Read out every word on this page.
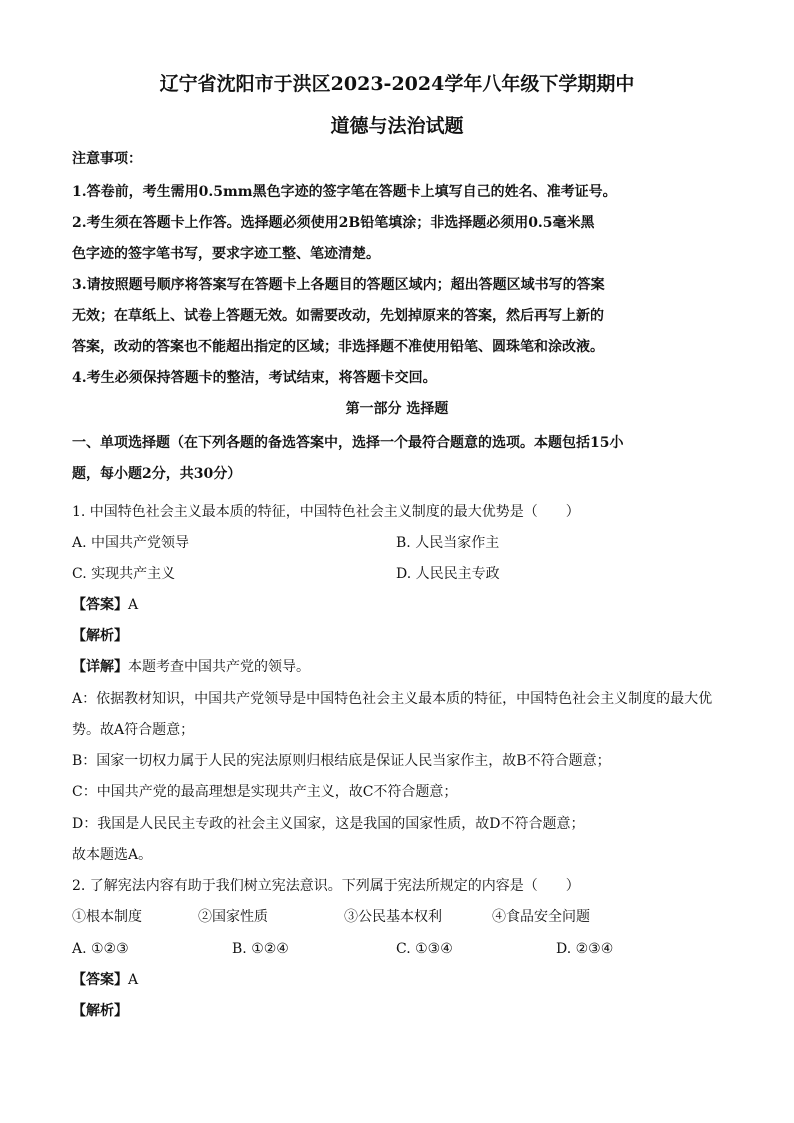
辽宁省沈阳市于洪区2023-2024学年八年级下学期期中
道德与法治试题
注意事项：
1.答卷前，考生需用0.5mm黑色字迹的签字笔在答题卡上填写自己的姓名、准考证号。
2.考生须在答题卡上作答。选择题必须使用2B铅笔填涂；非选择题必须用0.5毫米黑
色字迹的签字笔书写，要求字迹工整、笔迹清楚。
3.请按照题号顺序将答案写在答题卡上各题目的答题区域内；超出答题区域书写的答案
无效；在草纸上、试卷上答题无效。如需要改动，先划掉原来的答案，然后再写上新的
答案，改动的答案也不能超出指定的区域；非选择题不准使用铅笔、圆珠笔和涂改液。
4.考生必须保持答题卡的整洁，考试结束，将答题卡交回。
第一部分 选择题
一、单项选择题（在下列各题的备选答案中，选择一个最符合题意的选项。本题包括15小
题，每小题2分，共30分）
1. 中国特色社会主义最本质的特征，中国特色社会主义制度的最大优势是（　　）
A. 中国共产党领导	B. 人民当家作主
C. 实现共产主义	D. 人民民主专政
【答案】A
【解析】
【详解】本题考查中国共产党的领导。
A：依据教材知识，中国共产党领导是中国特色社会主义最本质的特征，中国特色社会主义制度的最大优
势。故A符合题意；
B：国家一切权力属于人民的宪法原则归根结底是保证人民当家作主，故B不符合题意；
C：中国共产党的最高理想是实现共产主义，故C不符合题意；
D：我国是人民民主专政的社会主义国家，这是我国的国家性质，故D不符合题意；
故本题选A。
2. 了解宪法内容有助于我们树立宪法意识。下列属于宪法所规定的内容是（　　）
①根本制度	②国家性质	③公民基本权利	④食品安全问题
A. ①②③	B. ①②④	C. ①③④	D. ②③④
【答案】A
【解析】
